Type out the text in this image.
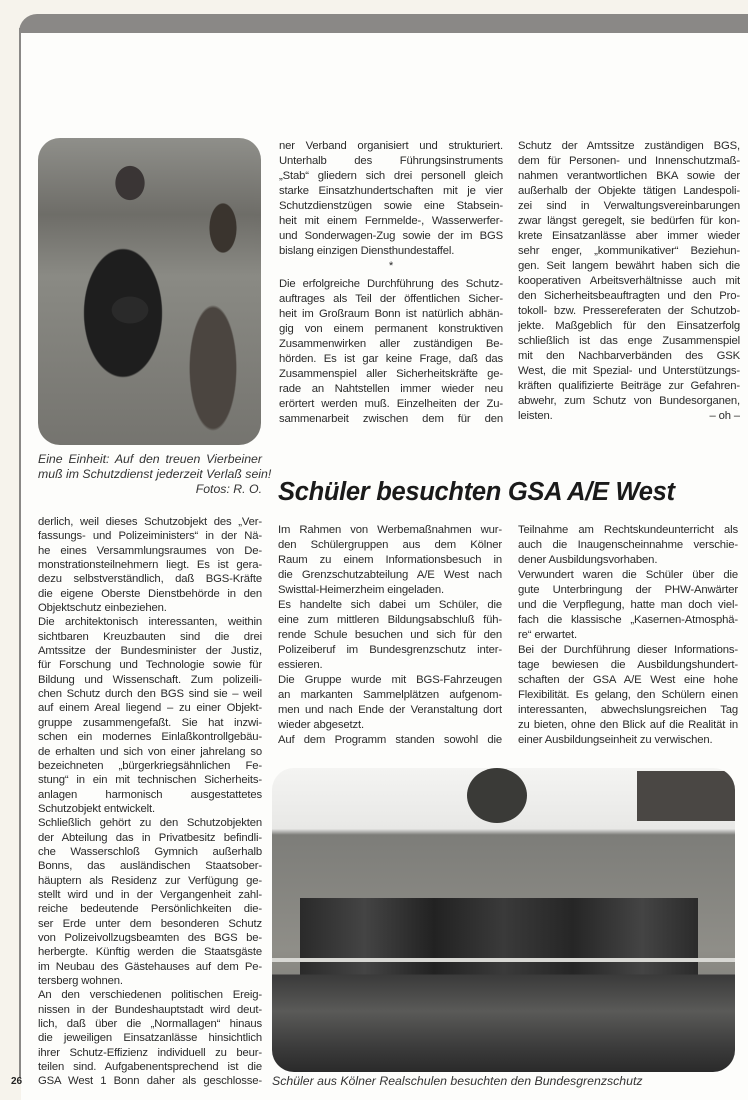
Eine Einheit: Auf den treuen Vierbeiner
muß im Schutzdienst jederzeit Verlaß sein!
Fotos: R. O.
ner Verband organisiert und strukturiert.
Unterhalb des Führungsinstruments
„Stab“ gliedern sich drei personell gleich
starke Einsatzhundertschaften mit je vier
Schutzdienstzügen sowie eine Stabsein-
heit mit einem Fernmelde-, Wasserwerfer-
und Sonderwagen-Zug sowie der im BGS
bislang einzigen Diensthundestaffel.
*
Die erfolgreiche Durchführung des Schutz-
auftrages als Teil der öffentlichen Sicher-
heit im Großraum Bonn ist natürlich abhän-
gig von einem permanent konstruktiven
Zusammenwirken aller zuständigen Be-
hörden. Es ist gar keine Frage, daß das
Zusammenspiel aller Sicherheitskräfte ge-
rade an Nahtstellen immer wieder neu
erörtert werden muß. Einzelheiten der Zu-
sammenarbeit zwischen dem für den
Schutz der Amtssitze zuständigen BGS,
dem für Personen- und Innenschutzmaß-
nahmen verantwortlichen BKA sowie der
außerhalb der Objekte tätigen Landespoli-
zei sind in Verwaltungsvereinbarungen
zwar längst geregelt, sie bedürfen für kon-
krete Einsatzanlässe aber immer wieder
sehr enger, „kommunikativer“ Beziehun-
gen. Seit langem bewährt haben sich die
kooperativen Arbeitsverhältnisse auch mit
den Sicherheitsbeauftragten und den Pro-
tokoll- bzw. Pressereferaten der Schutzob-
jekte. Maßgeblich für den Einsatzerfolg
schließlich ist das enge Zusammenspiel
mit den Nachbarverbänden des GSK
West, die mit Spezial- und Unterstützungs-
kräften qualifizierte Beiträge zur Gefahren-
abwehr, zum Schutz von Bundesorganen,
leisten.	– oh –
Schüler besuchten GSA A/E West
derlich, weil dieses Schutzobjekt des „Ver-
fassungs- und Polizeiministers“ in der Nä-
he eines Versammlungsraumes von De-
monstrationsteilnehmern liegt. Es ist gera-
dezu selbstverständlich, daß BGS-Kräfte
die eigene Oberste Dienstbehörde in den
Objektschutz einbeziehen.
Die architektonisch interessanten, weithin
sichtbaren Kreuzbauten sind die drei
Amtssitze der Bundesminister der Justiz,
für Forschung und Technologie sowie für
Bildung und Wissenschaft. Zum polizeili-
chen Schutz durch den BGS sind sie – weil
auf einem Areal liegend – zu einer Objekt-
gruppe zusammengefaßt. Sie hat inzwi-
schen ein modernes Einlaßkontrollgebäu-
de erhalten und sich von einer jahrelang so
bezeichneten „bürgerkriegsähnlichen Fe-
stung“ in ein mit technischen Sicherheits-
anlagen harmonisch ausgestattetes
Schutzobjekt entwickelt.
Schließlich gehört zu den Schutzobjekten
der Abteilung das in Privatbesitz befindli-
che Wasserschloß Gymnich außerhalb
Bonns, das ausländischen Staatsober-
häuptern als Residenz zur Verfügung ge-
stellt wird und in der Vergangenheit zahl-
reiche bedeutende Persönlichkeiten die-
ser Erde unter dem besonderen Schutz
von Polizeivollzugsbeamten des BGS be-
herbergte. Künftig werden die Staatsgäste
im Neubau des Gästehauses auf dem Pe-
tersberg wohnen.
An den verschiedenen politischen Ereig-
nissen in der Bundeshauptstadt wird deut-
lich, daß über die „Normallagen“ hinaus
die jeweiligen Einsatzanlässe hinsichtlich
ihrer Schutz-Effizienz individuell zu beur-
teilen sind. Aufgabenentsprechend ist die
GSA West 1 Bonn daher als geschlosse-
Im Rahmen von Werbemaßnahmen wur-
den Schülergruppen aus dem Kölner
Raum zu einem Informationsbesuch in
die Grenzschutzabteilung A/E West nach
Swisttal-Heimerzheim eingeladen.
Es handelte sich dabei um Schüler, die
eine zum mittleren Bildungsabschluß füh-
rende Schule besuchen und sich für den
Polizeiberuf im Bundesgrenzschutz inter-
essieren.
Die Gruppe wurde mit BGS-Fahrzeugen
an markanten Sammelplätzen aufgenom-
men und nach Ende der Veranstaltung dort
wieder abgesetzt.
Auf dem Programm standen sowohl die
Teilnahme am Rechtskundeunterricht als
auch die Inaugenscheinnahme verschie-
dener Ausbildungsvorhaben.
Verwundert waren die Schüler über die
gute Unterbringung der PHW-Anwärter
und die Verpflegung, hatte man doch viel-
fach die klassische „Kasernen-Atmosphä-
re“ erwartet.
Bei der Durchführung dieser Informations-
tage bewiesen die Ausbildungshundert-
schaften der GSA A/E West eine hohe
Flexibilität. Es gelang, den Schülern einen
interessanten, abwechslungsreichen Tag
zu bieten, ohne den Blick auf die Realität in
einer Ausbildungseinheit zu verwischen.
Schüler aus Kölner Realschulen besuchten den Bundesgrenzschutz
26
